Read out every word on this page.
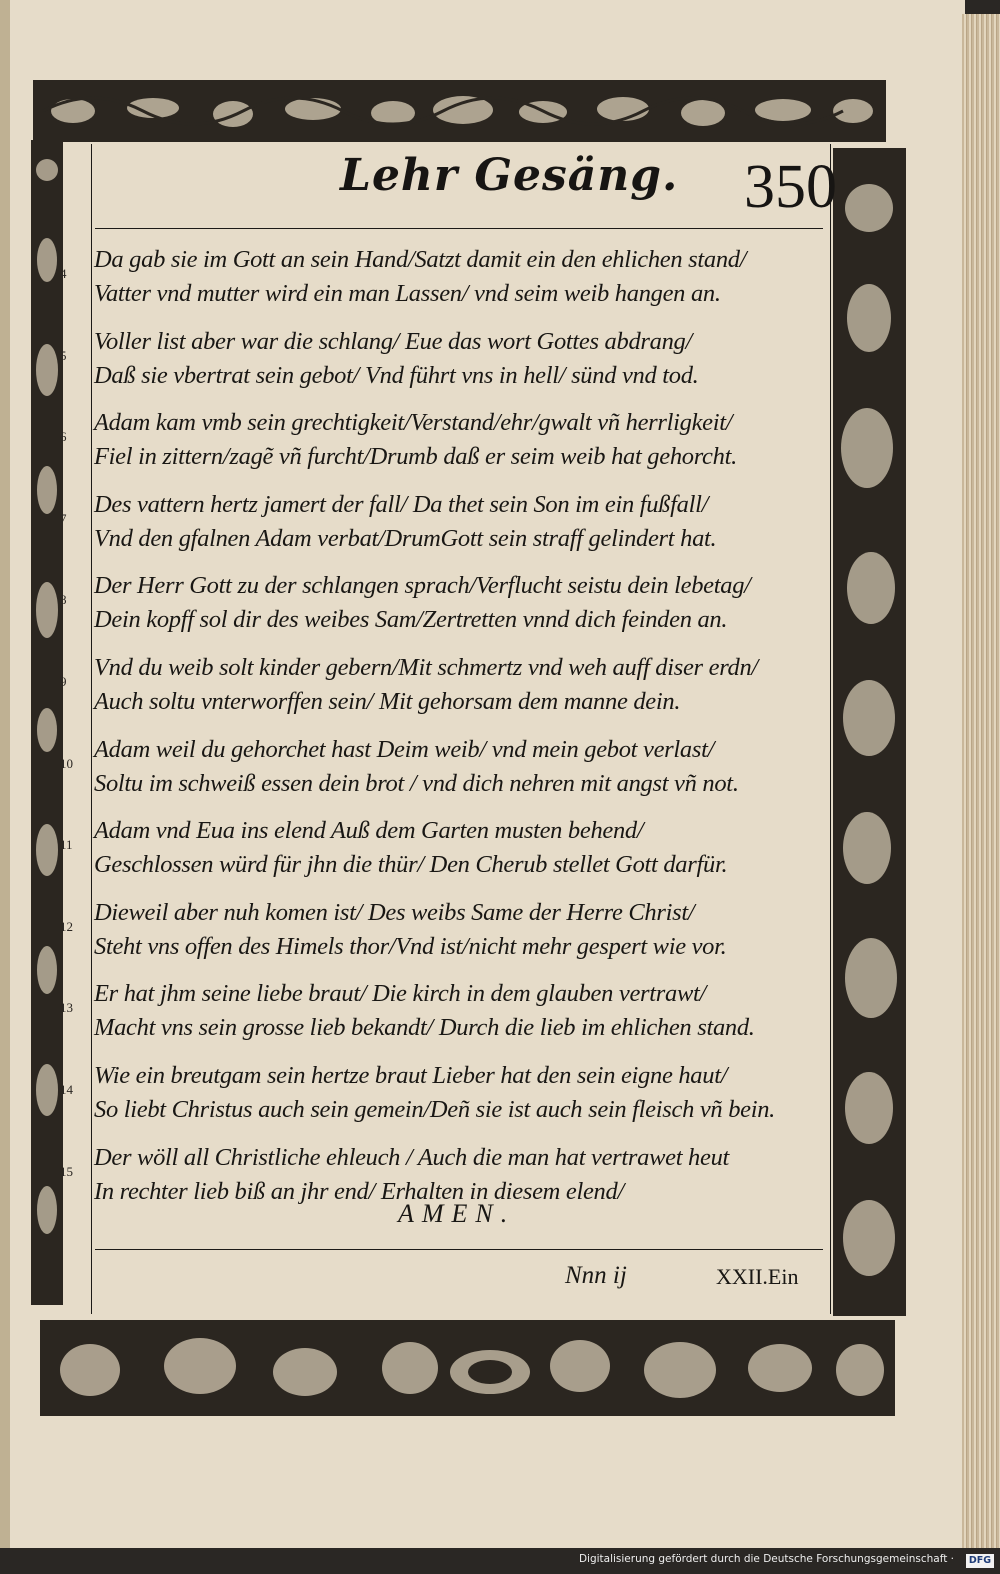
Lehr Gesäng. 350
4
Da gab sie im Gott an sein Hand/Satzt damit ein den ehlichen stand/
Vatter vnd mutter wird ein man Lassen/ vnd seim weib hangen an.
5
Voller list aber war die schlang/ Eue das wort Gottes abdrang/
Daß sie vbertrat sein gebot/ Vnd führt vns in hell/ sünd vnd tod.
6
Adam kam vmb sein grechtigkeit/Verstand/ehr/gwalt vñ herrligkeit/
Fiel in zittern/zagẽ vñ furcht/Drumb daß er seim weib hat gehorcht.
7
Des vattern hertz jamert der fall/ Da thet sein Son im ein fußfall/
Vnd den gfalnen Adam verbat/DrumGott sein straff gelindert hat.
8
Der Herr Gott zu der schlangen sprach/Verflucht seistu dein lebetag/
Dein kopff sol dir des weibes Sam/Zertretten vnnd dich feinden an.
9
Vnd du weib solt kinder gebern/Mit schmertz vnd weh auff diser erdn/
Auch soltu vnterworffen sein/ Mit gehorsam dem manne dein.
10
Adam weil du gehorchet hast Deim weib/ vnd mein gebot verlast/
Soltu im schweiß essen dein brot / vnd dich nehren mit angst vñ not.
11
Adam vnd Eua ins elend Auß dem Garten musten behend/
Geschlossen würd für jhn die thür/ Den Cherub stellet Gott darfür.
12
Dieweil aber nuh komen ist/ Des weibs Same der Herre Christ/
Steht vns offen des Himels thor/Vnd ist/nicht mehr gespert wie vor.
13
Er hat jhm seine liebe braut/ Die kirch in dem glauben vertrawt/
Macht vns sein grosse lieb bekandt/ Durch die lieb im ehlichen stand.
14
Wie ein breutgam sein hertze braut Lieber hat den sein eigne haut/
So liebt Christus auch sein gemein/Deñ sie ist auch sein fleisch vñ bein.
15
Der wöll all Christliche ehleuch / Auch die man hat vertrawet heut
In rechter lieb biß an jhr end/ Erhalten in diesem elend/
AMEN.
Nnn ij	XXII.Ein
Digitalisierung gefördert durch die Deutsche Forschungsgemeinschaft ·	DFG
